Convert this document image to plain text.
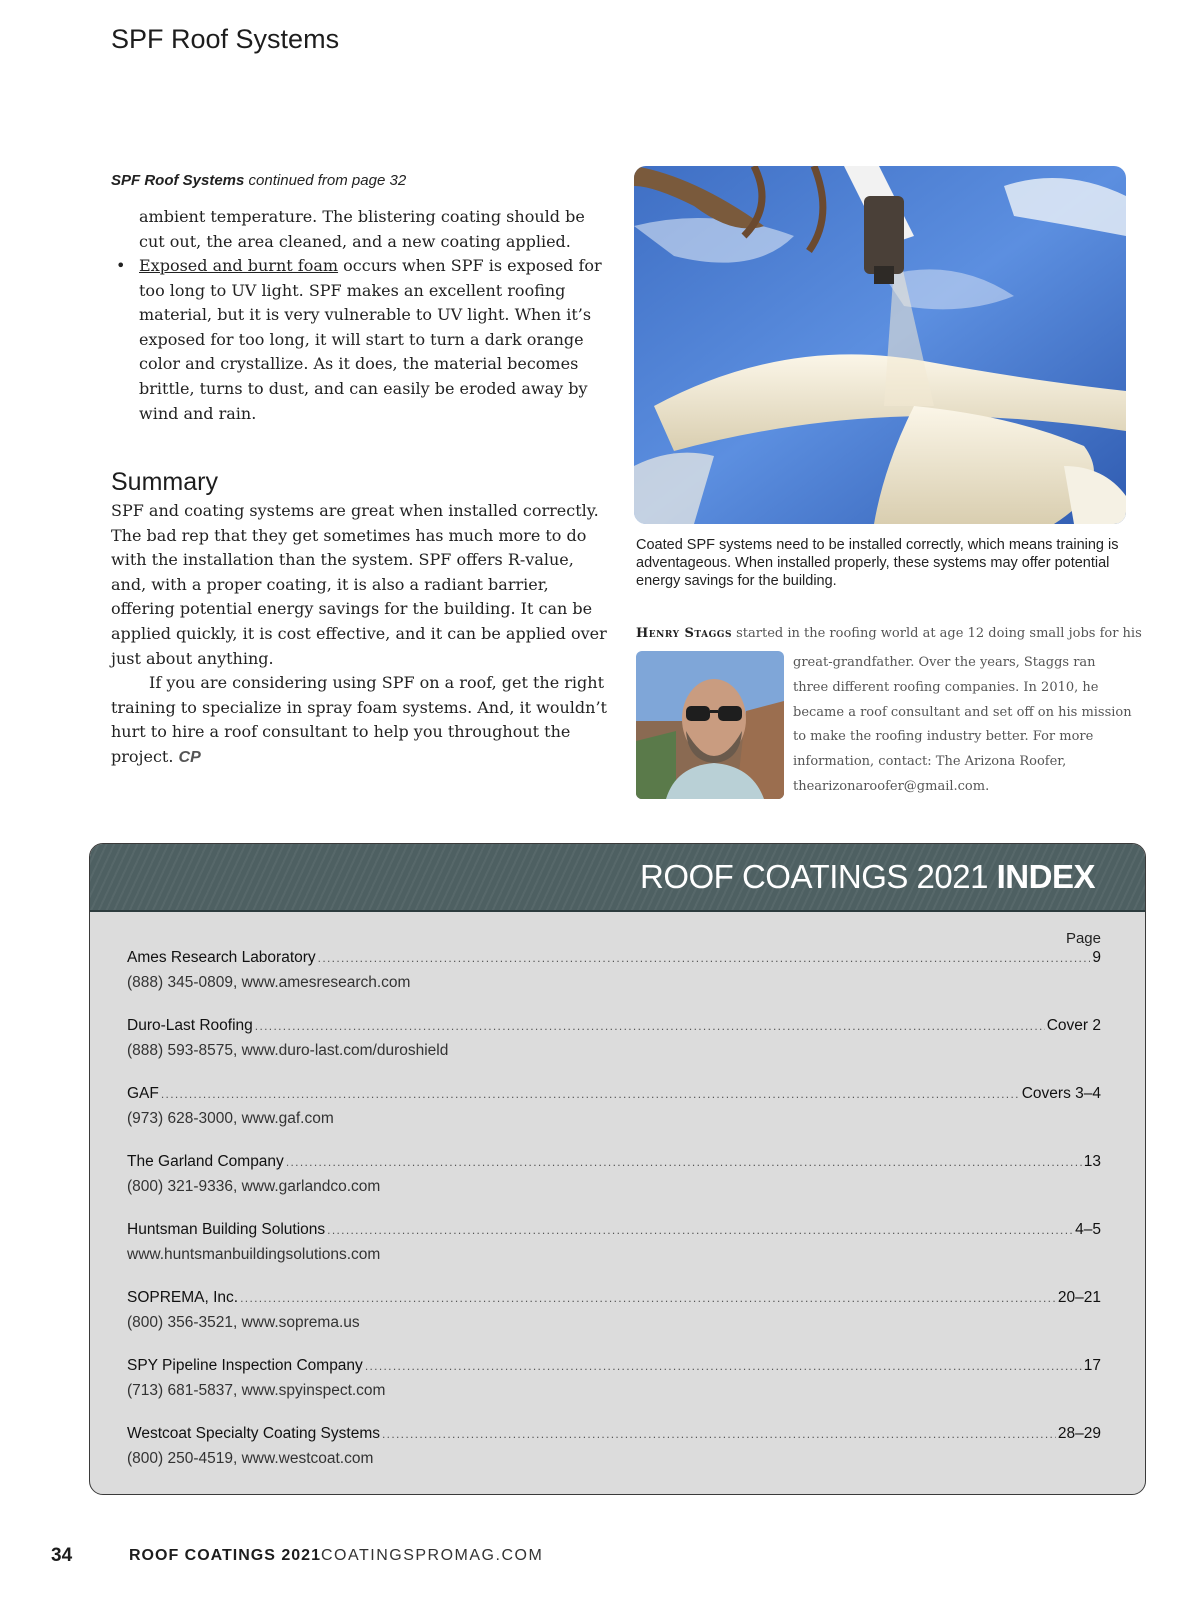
SPF Roof Systems
SPF Roof Systems continued from page 32
ambient temperature. The blistering coating should be cut out, the area cleaned, and a new coating applied.
• Exposed and burnt foam occurs when SPF is exposed for too long to UV light. SPF makes an excellent roofing material, but it is very vulnerable to UV light. When it’s exposed for too long, it will start to turn a dark orange color and crystallize. As it does, the material becomes brittle, turns to dust, and can easily be eroded away by wind and rain.
Summary
SPF and coating systems are great when installed correctly. The bad rep that they get sometimes has much more to do with the installation than the system. SPF offers R-value, and, with a proper coating, it is also a radiant barrier, offering potential energy savings for the building. It can be applied quickly, it is cost effective, and it can be applied over just about anything.
If you are considering using SPF on a roof, get the right training to specialize in spray foam systems. And, it wouldn’t hurt to hire a roof consultant to help you throughout the project. CP
Coated SPF systems need to be installed correctly, which means training is adventageous. When installed properly, these systems may offer potential energy savings for the building.
Henry Staggs started in the roofing world at age 12 doing small jobs for his
great-grandfather. Over the years, Staggs ran three different roofing companies. In 2010, he became a roof consultant and set off on his mission to make the roofing industry better. For more information, contact: The Arizona Roofer, thearizonaroofer@gmail.com.
ROOF COATINGS 2021 INDEX
Page
Ames Research Laboratory . . .	9
(888) 345-0809, www.amesresearch.com
Duro-Last Roofing . . .	Cover 2
(888) 593-8575, www.duro-last.com/duroshield
GAF . . .	Covers 3–4
(973) 628-3000, www.gaf.com
The Garland Company . . .	13
(800) 321-9336, www.garlandco.com
Huntsman Building Solutions . . .	4–5
www.huntsmanbuildingsolutions.com
SOPREMA, Inc. . . .	20–21
(800) 356-3521, www.soprema.us
SPY Pipeline Inspection Company . . .	17
(713) 681-5837, www.spyinspect.com
Westcoat Specialty Coating Systems . . .	28–29
(800) 250-4519, www.westcoat.com
34	ROOF COATINGS 2021 COATINGSPROMAG.COM
